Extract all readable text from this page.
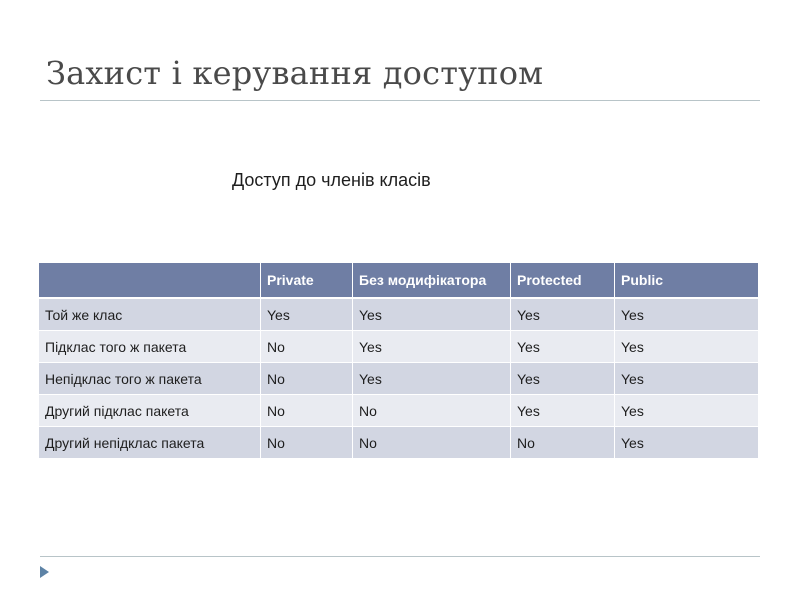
Захист і керування доступом
Доступ до членів класів
	Private	Без модифікатора	Protected	Public
Той же клас	Yes	Yes	Yes	Yes
Підклас того ж пакета	No	Yes	Yes	Yes
Непідклас того ж пакета	No	Yes	Yes	Yes
Другий підклас пакета	No	No	Yes	Yes
Другий непідклас пакета	No	No	No	Yes
